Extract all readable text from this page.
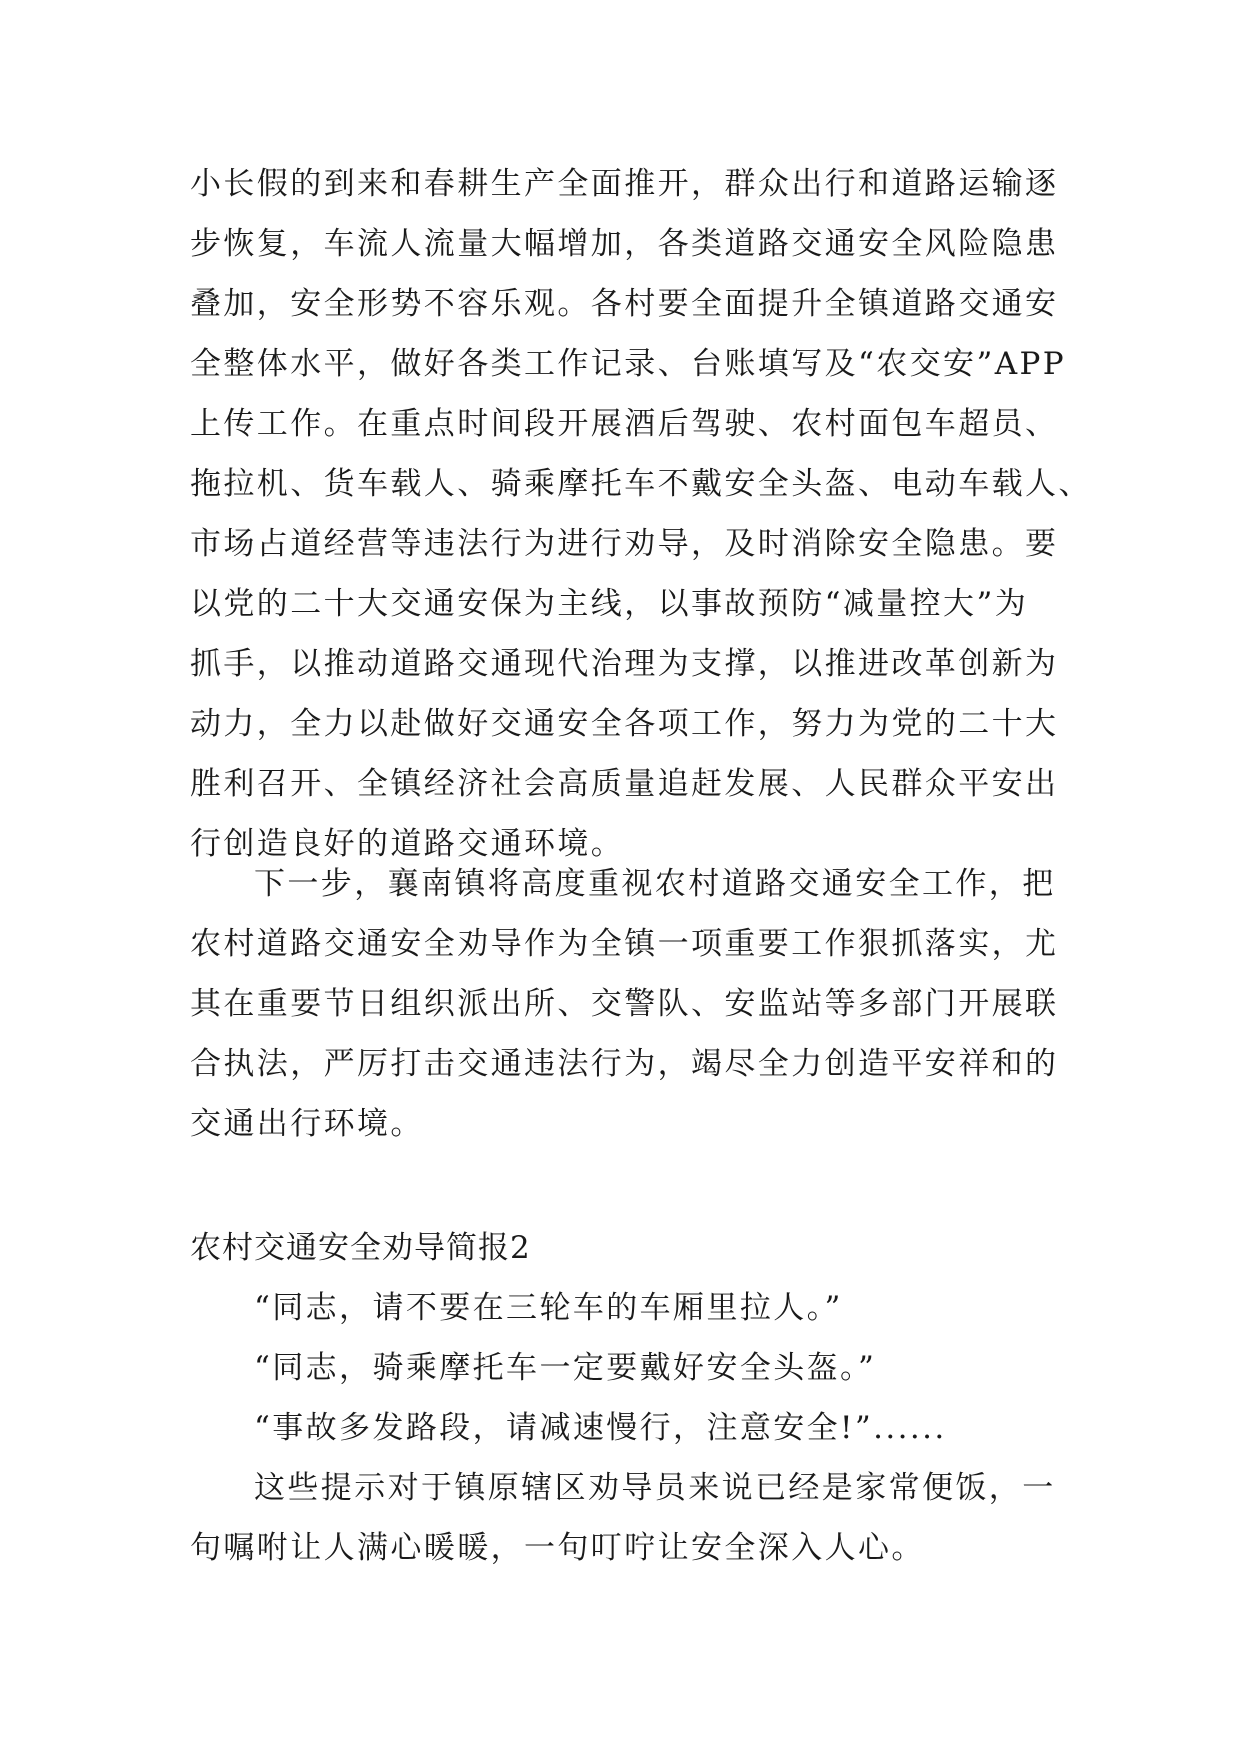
小长假的到来和春耕生产全面推开，群众出行和道路运输逐
步恢复，车流人流量大幅增加，各类道路交通安全风险隐患
叠加，安全形势不容乐观。各村要全面提升全镇道路交通安
全整体水平，做好各类工作记录、台账填写及“农交安”APP
上传工作。在重点时间段开展酒后驾驶、农村面包车超员、
拖拉机、货车载人、骑乘摩托车不戴安全头盔、电动车载人、
市场占道经营等违法行为进行劝导，及时消除安全隐患。要
以党的二十大交通安保为主线，以事故预防“减量控大”为
抓手，以推动道路交通现代治理为支撑，以推进改革创新为
动力，全力以赴做好交通安全各项工作，努力为党的二十大
胜利召开、全镇经济社会高质量追赶发展、人民群众平安出
行创造良好的道路交通环境。
下一步，襄南镇将高度重视农村道路交通安全工作，把
农村道路交通安全劝导作为全镇一项重要工作狠抓落实，尤
其在重要节日组织派出所、交警队、安监站等多部门开展联
合执法，严厉打击交通违法行为，竭尽全力创造平安祥和的
交通出行环境。
农村交通安全劝导简报2
“同志，请不要在三轮车的车厢里拉人。”
“同志，骑乘摩托车一定要戴好安全头盔。”
“事故多发路段，请减速慢行，注意安全!”......
这些提示对于镇原辖区劝导员来说已经是家常便饭，一
句嘱咐让人满心暖暖，一句叮咛让安全深入人心。
